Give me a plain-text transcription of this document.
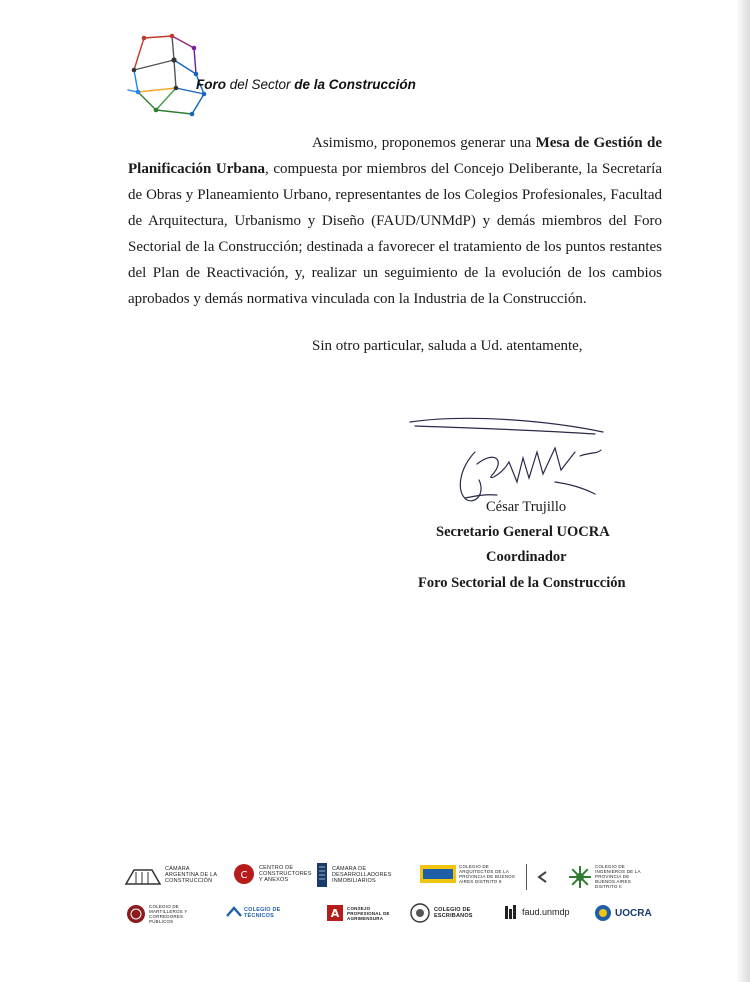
Foro del Sector de la Construcción

Asimismo, proponemos generar una Mesa de Gestión de Planificación Urbana, compuesta por miembros del Concejo Deliberante, la Secretaría de Obras y Planeamiento Urbano, representantes de los Colegios Profesionales, Facultad de Arquitectura, Urbanismo y Diseño (FAUD/UNMdP) y demás miembros del Foro Sectorial de la Construcción; destinada a favorecer el tratamiento de los puntos restantes del Plan de Reactivación, y, realizar un seguimiento de la evolución de los cambios aprobados y demás normativa vinculada con la Industria de la Construcción.

Sin otro particular, saluda a Ud. atentamente,
César Trujillo
Secretario General UOCRA
Coordinador
Foro Sectorial de la Construcción
CÁMARA ARGENTINA DE LA CONSTRUCCIÓN	C
CENTRO DE CONSTRUCTORES Y ANEXOS
CÁMARA DE DESARROLLADORES INMOBILIARIOS
COLEGIO DE ARQUITECTOS DE LA PROVINCIA DE BUENOS AIRES DISTRITO 9
COLEGIO DE INGENIEROS DE LA PROVINCIA DE BUENOS AIRES DISTRITO II
COLEGIO DE MARTILLEROS Y CORREDORES PÚBLICOS
COLEGIO DE TÉCNICOS	A CONSEJO PROFESIONAL DE AGRIMENSURA
COLEGIO DE ESCRIBANOS	faud.unmdp	UOCRA
